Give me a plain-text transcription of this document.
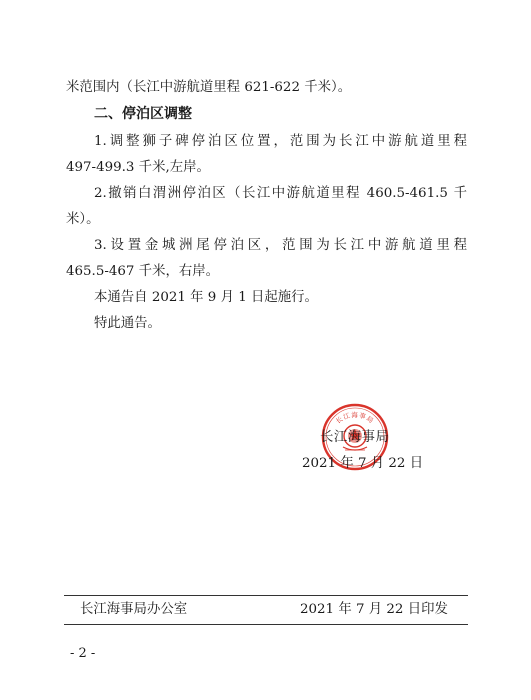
米范围内（长江中游航道里程 621-622 千米）。
二、停泊区调整
1.调整狮子碑停泊区位置，范围为长江中游航道里程
497-499.3 千米,左岸。
2.撤销白渭洲停泊区（长江中游航道里程 460.5-461.5 千
米）。
3.设置金城洲尾停泊区，范围为长江中游航道里程
465.5-467 千米，右岸。
本通告自 2021 年 9 月 1 日起施行。
特此通告。
长江海事局
长江海事局
2021 年 7 月 22 日
长江海事局办公室	2021 年 7 月 22 日印发
- 2 -
